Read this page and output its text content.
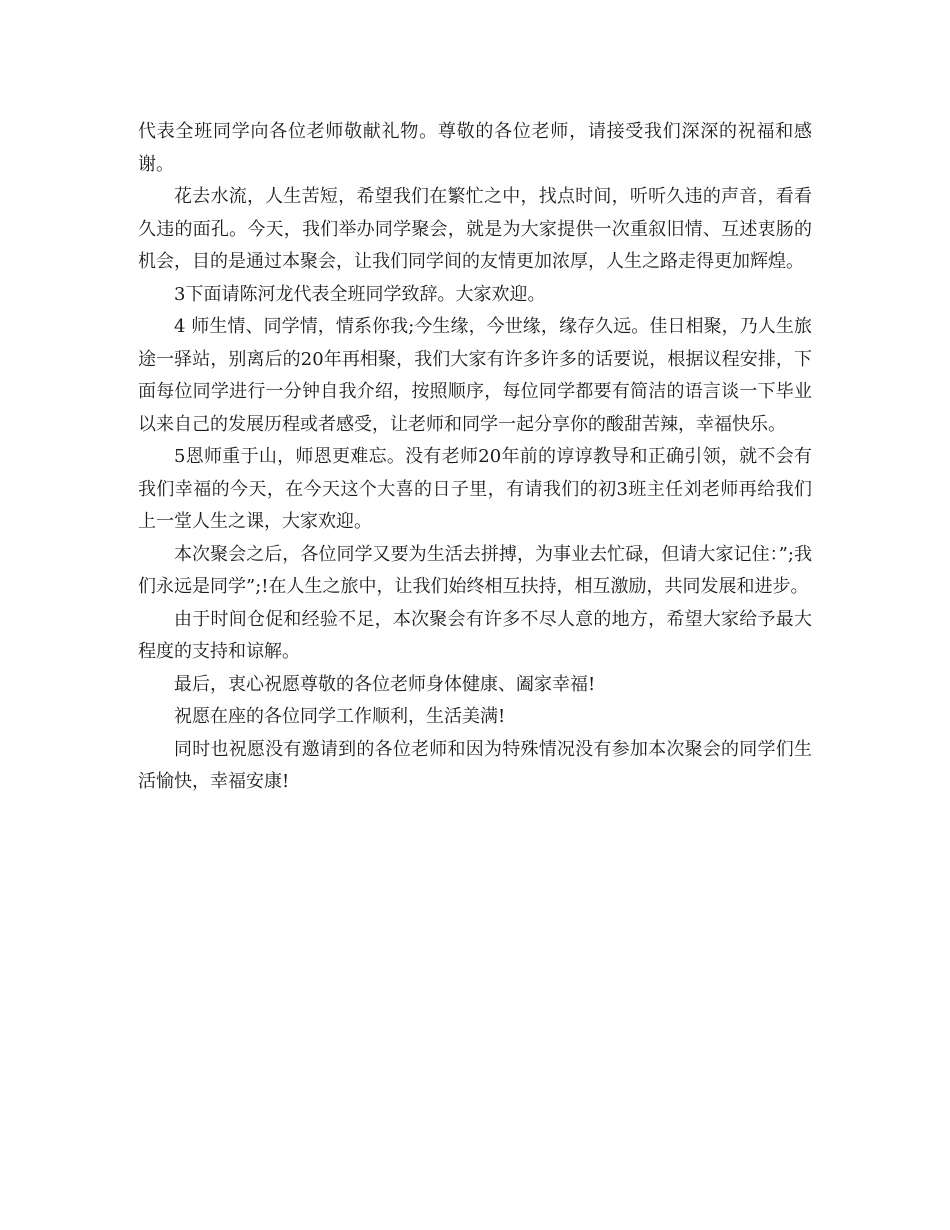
代表全班同学向各位老师敬献礼物。尊敬的各位老师，请接受我们深深的祝福和感谢。

花去水流，人生苦短，希望我们在繁忙之中，找点时间，听听久违的声音，看看久违的面孔。今天，我们举办同学聚会，就是为大家提供一次重叙旧情、互述衷肠的机会，目的是通过本聚会，让我们同学间的友情更加浓厚，人生之路走得更加辉煌。

3下面请陈河龙代表全班同学致辞。大家欢迎。

4 师生情、同学情，情系你我;今生缘，今世缘，缘存久远。佳日相聚，乃人生旅途一驿站，别离后的20年再相聚，我们大家有许多许多的话要说，根据议程安排，下面每位同学进行一分钟自我介绍，按照顺序，每位同学都要有简洁的语言谈一下毕业以来自己的发展历程或者感受，让老师和同学一起分享你的酸甜苦辣，幸福快乐。

5恩师重于山，师恩更难忘。没有老师20年前的谆谆教导和正确引领，就不会有我们幸福的今天，在今天这个大喜的日子里，有请我们的初3班主任刘老师再给我们上一堂人生之课，大家欢迎。

本次聚会之后，各位同学又要为生活去拼搏，为事业去忙碌，但请大家记住：”;我们永远是同学”;!在人生之旅中，让我们始终相互扶持，相互激励，共同发展和进步。

由于时间仓促和经验不足，本次聚会有许多不尽人意的地方，希望大家给予最大程度的支持和谅解。

最后，衷心祝愿尊敬的各位老师身体健康、阖家幸福!

祝愿在座的各位同学工作顺利，生活美满!

同时也祝愿没有邀请到的各位老师和因为特殊情况没有参加本次聚会的同学们生活愉快，幸福安康!
